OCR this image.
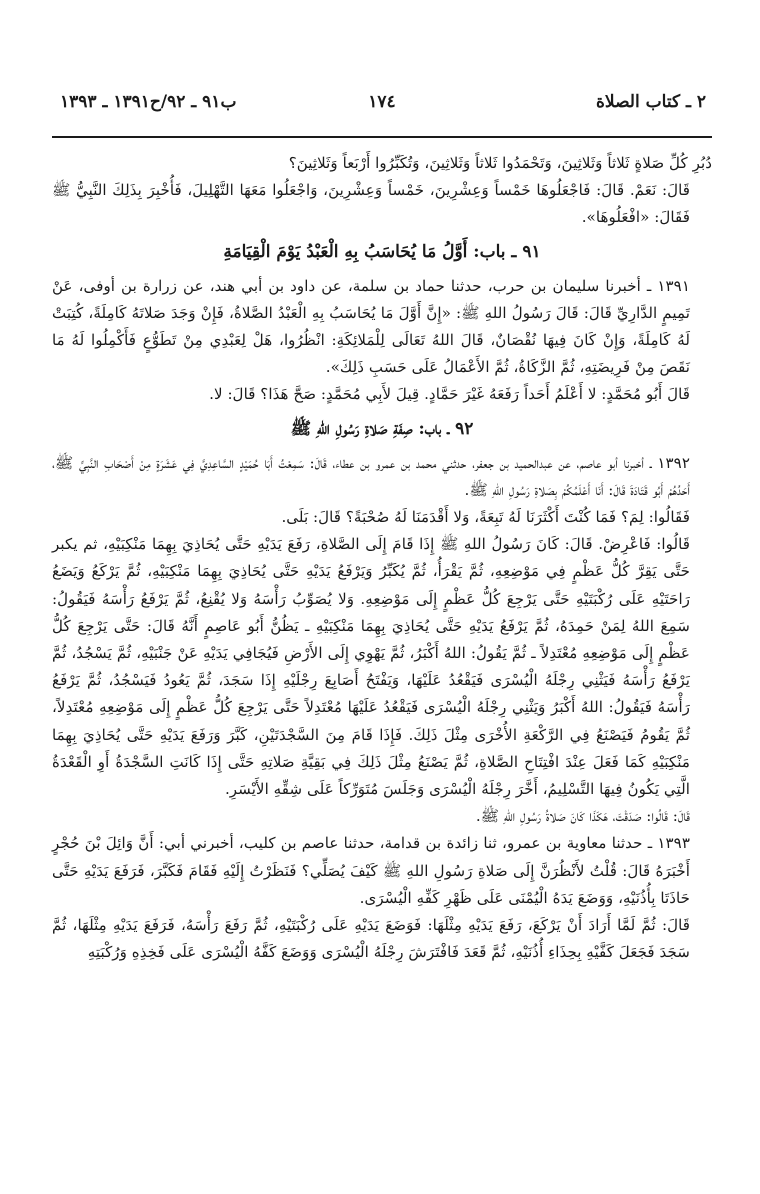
٢ ـ كتاب الصلاة
١٧٤
ب٩١ ـ ٩٢/ح١٣٩١ ـ ١٣٩٣

دُبُرِ كُلِّ صَلاةٍ ثَلاثاً وَثَلاثِينَ، وَتَحْمَدُوا ثَلاثاً وَثَلاثِينَ، وَتُكَبِّرُوا أَرْبَعاً وَثَلاثِينَ؟

قَالَ: نَعَمْ. قَالَ: فَاجْعَلُوهَا خَمْساً وَعِشْرِينَ، خَمْساً وَعِشْرِينَ، وَاجْعَلُوا مَعَهَا التَّهْلِيلَ، فَأُخْبِرَ بِذَلِكَ النَّبِيُّ ﷺ فَقَالَ: «افْعَلُوهَا».

٩١ ـ باب: أَوَّلُ مَا يُحَاسَبُ بِهِ الْعَبْدُ يَوْمَ الْقِيَامَةِ

١٣٩١ ـ أخبرنا سليمان بن حرب، حدثنا حماد بن سلمة، عن داود بن أبي هند، عن زرارة بن أوفى، عَنْ تَمِيمٍ الدَّارِيِّ قَالَ: قَالَ رَسُولُ اللهِ ﷺ: «إِنَّ أَوَّلَ مَا يُحَاسَبُ بِهِ الْعَبْدُ الصَّلاةُ، فَإِنْ وَجَدَ صَلاتَهُ كَامِلَةً، كُتِبَتْ لَهُ كَامِلَةً، وَإِنْ كَانَ فِيهَا نُقْصَانٌ، قَالَ اللهُ تَعَالَى لِلْمَلائِكَةِ: انْظُرُوا، هَلْ لِعَبْدِي مِنْ تَطَوُّعٍ فَأَكْمِلُوا لَهُ مَا نَقَصَ مِنْ فَرِيضَتِهِ، ثُمَّ الزَّكَاةُ، ثُمَّ الأَعْمَالُ عَلَى حَسَبِ ذَلِكَ».

قَالَ أَبُو مُحَمَّدٍ: لا أَعْلَمُ أَحَداً رَفَعَهُ غَيْرَ حَمَّادٍ. قِيلَ لأَبِي مُحَمَّدٍ: صَحَّ هَذَا؟ قَالَ: لا.

٩٢ ـ باب: صِفَةِ صَلاةِ رَسُولِ اللهِ ﷺ

١٣٩٢ ـ أخبرنا أبو عاصم، عن عبدالحميد بن جعفر، حدثني محمد بن عمرو بن عطاء، قَالَ: سَمِعْتُ أَبَا حُمَيْدٍ السَّاعِدِيَّ فِي عَشَرَةٍ مِنْ أَصْحَابِ النَّبِيِّ ﷺ، أَحَدُهُمْ أَبُو قَتَادَةَ قَالَ: أَنَا أَعْلَمُكُمْ بِصَلاةِ رَسُولِ اللهِ ﷺ.

فَقَالُوا: لِمَ؟ فَمَا كُنْتَ أَكْثَرَنَا لَهُ تَبِعَةً، وَلا أَقْدَمَنَا لَهُ صُحْبَةً؟ قَالَ: بَلَى.

قَالُوا: فَاعْرِضْ. قَالَ: كَانَ رَسُولُ اللهِ ﷺ إِذَا قَامَ إِلَى الصَّلاةِ، رَفَعَ يَدَيْهِ حَتَّى يُحَاذِيَ بِهِمَا مَنْكِبَيْهِ، ثم يكبر حَتَّى يَقِرَّ كُلُّ عَظْمٍ فِي مَوْضِعِهِ، ثُمَّ يَقْرَأُ، ثُمَّ يُكَبِّرُ وَيَرْفَعُ يَدَيْهِ حَتَّى يُحَاذِيَ بِهِمَا مَنْكِبَيْهِ، ثُمَّ يَرْكَعُ وَيَضَعُ رَاحَتَيْهِ عَلَى رُكْبَتَيْهِ حَتَّى يَرْجِعَ كُلُّ عَظْمٍ إِلَى مَوْضِعِهِ. وَلا يُصَوِّبُ رَأْسَهُ وَلا يُقْنِعُ، ثُمَّ يَرْفَعُ رَأْسَهُ فَيَقُولُ: سَمِعَ اللهُ لِمَنْ حَمِدَهُ، ثُمَّ يَرْفَعُ يَدَيْهِ حَتَّى يُحَاذِيَ بِهِمَا مَنْكِبَيْهِ ـ يَظُنُّ أَبُو عَاصِمٍ أَنَّهُ قَالَ: حَتَّى يَرْجِعَ كُلُّ عَظْمٍ إِلَى مَوْضِعِهِ مُعْتَدِلاً ـ ثُمَّ يَقُولُ: اللهُ أَكْبَرُ، ثُمَّ يَهْوِي إِلَى الأَرْضِ فَيُجَافِي يَدَيْهِ عَنْ جَنْبَيْهِ، ثُمَّ يَسْجُدُ، ثُمَّ يَرْفَعُ رَأْسَهُ فَيَثْنِي رِجْلَهُ الْيُسْرَى فَيَقْعُدُ عَلَيْهَا، وَيَفْتَحُ أَصَابِعَ رِجْلَيْهِ إِذَا سَجَدَ، ثُمَّ يَعُودُ فَيَسْجُدُ، ثُمَّ يَرْفَعُ رَأْسَهُ فَيَقُولُ: اللهُ أَكْبَرُ وَيَثْنِي رِجْلَهُ الْيُسْرَى فَيَقْعُدُ عَلَيْهَا مُعْتَدِلاً حَتَّى يَرْجِعَ كُلُّ عَظْمٍ إِلَى مَوْضِعِهِ مُعْتَدِلاً، ثُمَّ يَقُومُ فَيَصْنَعُ فِي الرَّكْعَةِ الأُخْرَى مِثْلَ ذَلِكَ. فَإِذَا قَامَ مِنَ السَّجْدَتَيْنِ، كَبَّرَ وَرَفَعَ يَدَيْهِ حَتَّى يُحَاذِيَ بِهِمَا مَنْكِبَيْهِ كَمَا فَعَلَ عِنْدَ افْتِتَاحِ الصَّلاةِ، ثُمَّ يَصْنَعُ مِثْلَ ذَلِكَ فِي بَقِيَّةِ صَلاتِهِ حَتَّى إِذَا كَانَتِ السَّجْدَةُ أَوِ الْقَعْدَةُ الَّتِي يَكُونُ فِيهَا التَّسْلِيمُ، أَخَّرَ رِجْلَهُ الْيُسْرَى وَجَلَسَ مُتَوَرِّكاً عَلَى شِقِّهِ الأَيْسَرِ.

قَالَ: قَالُوا: صَدَقْتَ، هَكَذَا كَانَ صَلاةُ رَسُولِ اللهِ ﷺ.

١٣٩٣ ـ حدثنا معاوية بن عمرو، ثنا زائدة بن قدامة، حدثنا عاصم بن كليب، أخبرني أبي: أَنَّ وَائِلَ بْنَ حُجْرٍ أَخْبَرَهُ قَالَ: قُلْتُ لأَنْظُرَنَّ إِلَى صَلاةِ رَسُولِ اللهِ ﷺ كَيْفَ يُصَلِّي؟ فَنَظَرْتُ إِلَيْهِ فَقَامَ فَكَبَّرَ، فَرَفَعَ يَدَيْهِ حَتَّى حَاذَتَا بِأُذُنَيْهِ، وَوَضَعَ يَدَهُ الْيُمْنَى عَلَى ظَهْرِ كَفِّهِ الْيُسْرَى.

قَالَ: ثُمَّ لَمَّا أَرَادَ أَنْ يَرْكَعَ، رَفَعَ يَدَيْهِ مِثْلَهَا: فَوَضَعَ يَدَيْهِ عَلَى رُكْبَتَيْهِ، ثُمَّ رَفَعَ رَأْسَهُ، فَرَفَعَ يَدَيْهِ مِثْلَهَا، ثُمَّ سَجَدَ فَجَعَلَ كَفَّيْهِ بِحِذَاءِ أُذُنَيْهِ، ثُمَّ قَعَدَ فَافْتَرَشَ رِجْلَهُ الْيُسْرَى وَوَضَعَ كَفَّهُ الْيُسْرَى عَلَى فَخِذِهِ وَرُكْبَتِهِ
